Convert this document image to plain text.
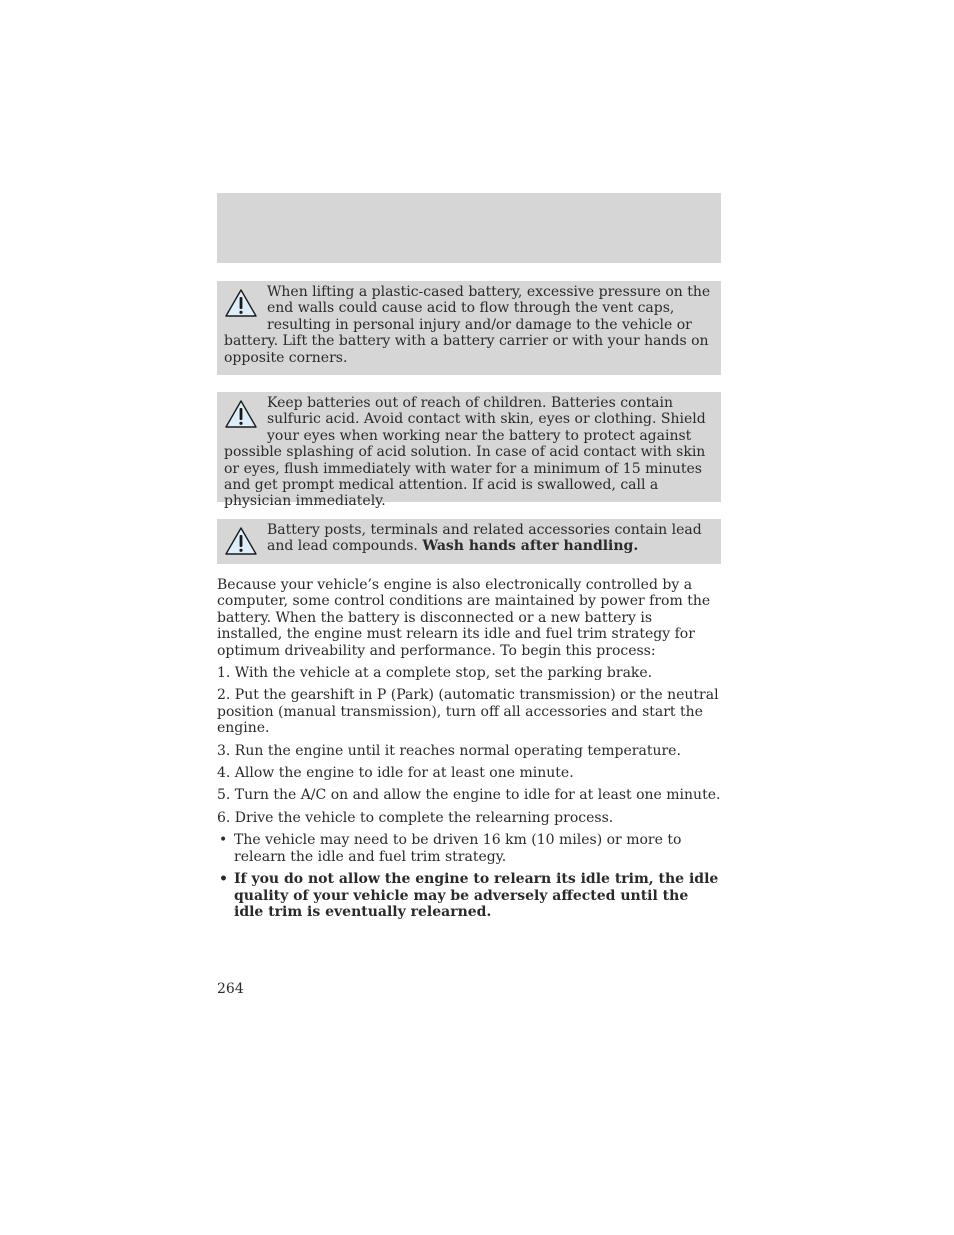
When lifting a plastic-cased battery, excessive pressure on the end walls could cause acid to flow through the vent caps, resulting in personal injury and/or damage to the vehicle or battery. Lift the battery with a battery carrier or with your hands on opposite corners.
Keep batteries out of reach of children. Batteries contain sulfuric acid. Avoid contact with skin, eyes or clothing. Shield your eyes when working near the battery to protect against possible splashing of acid solution. In case of acid contact with skin or eyes, flush immediately with water for a minimum of 15 minutes and get prompt medical attention. If acid is swallowed, call a physician immediately.
Battery posts, terminals and related accessories contain lead and lead compounds. Wash hands after handling.

Because your vehicle’s engine is also electronically controlled by a computer, some control conditions are maintained by power from the battery. When the battery is disconnected or a new battery is installed, the engine must relearn its idle and fuel trim strategy for optimum driveability and performance. To begin this process:

1. With the vehicle at a complete stop, set the parking brake.

2. Put the gearshift in P (Park) (automatic transmission) or the neutral position (manual transmission), turn off all accessories and start the engine.

3. Run the engine until it reaches normal operating temperature.

4. Allow the engine to idle for at least one minute.

5. Turn the A/C on and allow the engine to idle for at least one minute.

6. Drive the vehicle to complete the relearning process.

• The vehicle may need to be driven 16 km (10 miles) or more to relearn the idle and fuel trim strategy.

• If you do not allow the engine to relearn its idle trim, the idle quality of your vehicle may be adversely affected until the idle trim is eventually relearned.

264
